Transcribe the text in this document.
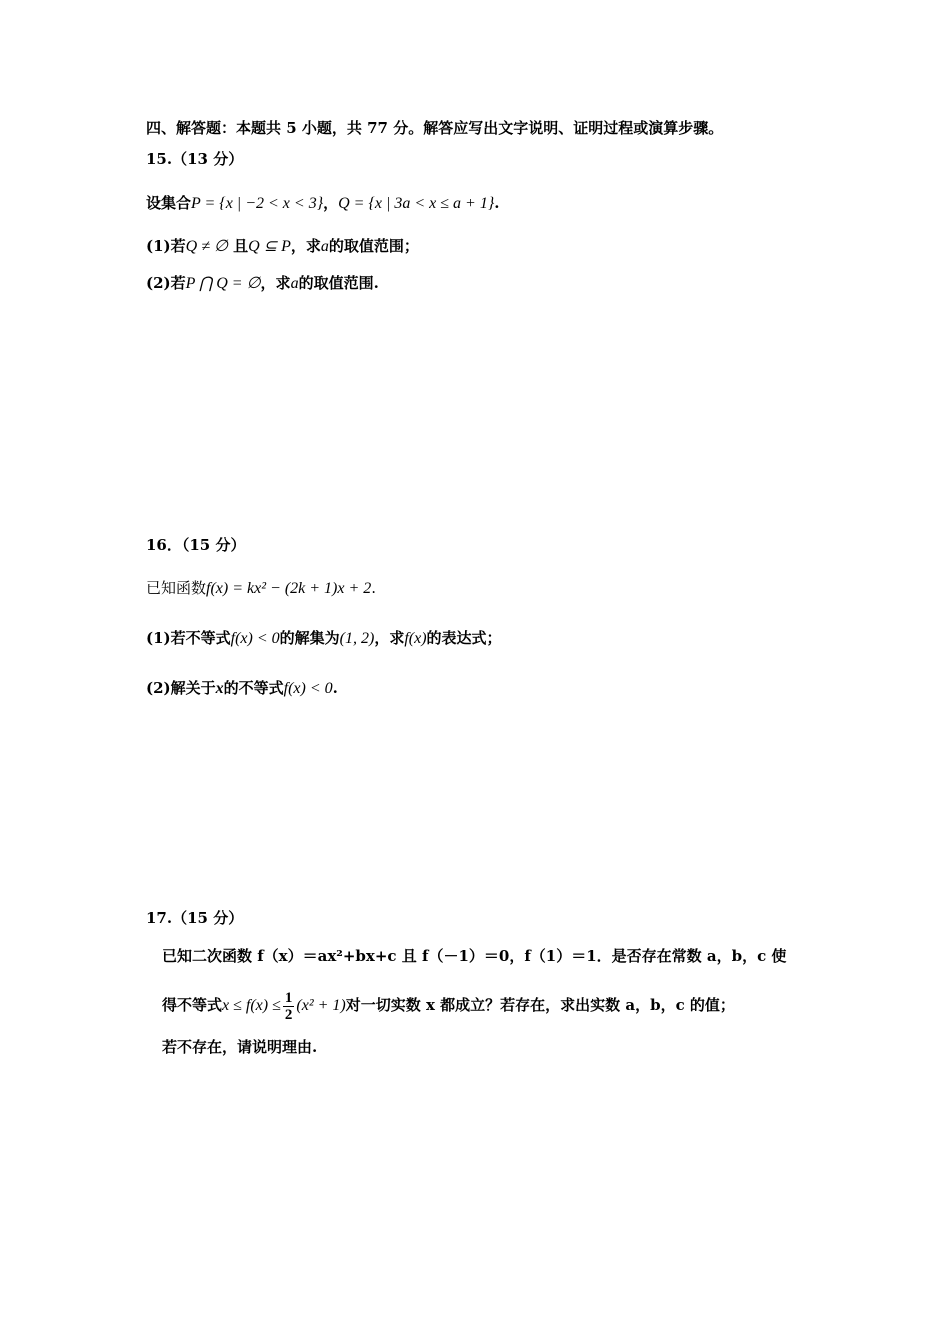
四、解答题：本题共 5 小题，共 77 分。解答应写出文字说明、证明过程或演算步骤。
15.（13 分）
设集合P = {x | −2 < x < 3}，Q = {x | 3a < x ≤ a + 1}.
(1)若Q ≠ ∅ 且Q ⊆ P，求a的取值范围；
(2)若P ⋂ Q = ∅，求a的取值范围.
16．（15 分）
已知函数f(x) = kx² − (2k + 1)x + 2.
(1)若不等式f(x) < 0的解集为(1, 2)，求f(x)的表达式；
(2)解关于x的不等式f(x) < 0.
17.（15 分）
已知二次函数 f（x）＝ax²+bx+c 且 f（－1）＝0，f（1）＝1．是否存在常数 a，b，c 使
得不等式$x \le f(x) \le \frac{1}{2} (x^2 + 1)$对一切实数 x 都成立？若存在，求出实数 a，b，c 的值；
若不存在，请说明理由.
